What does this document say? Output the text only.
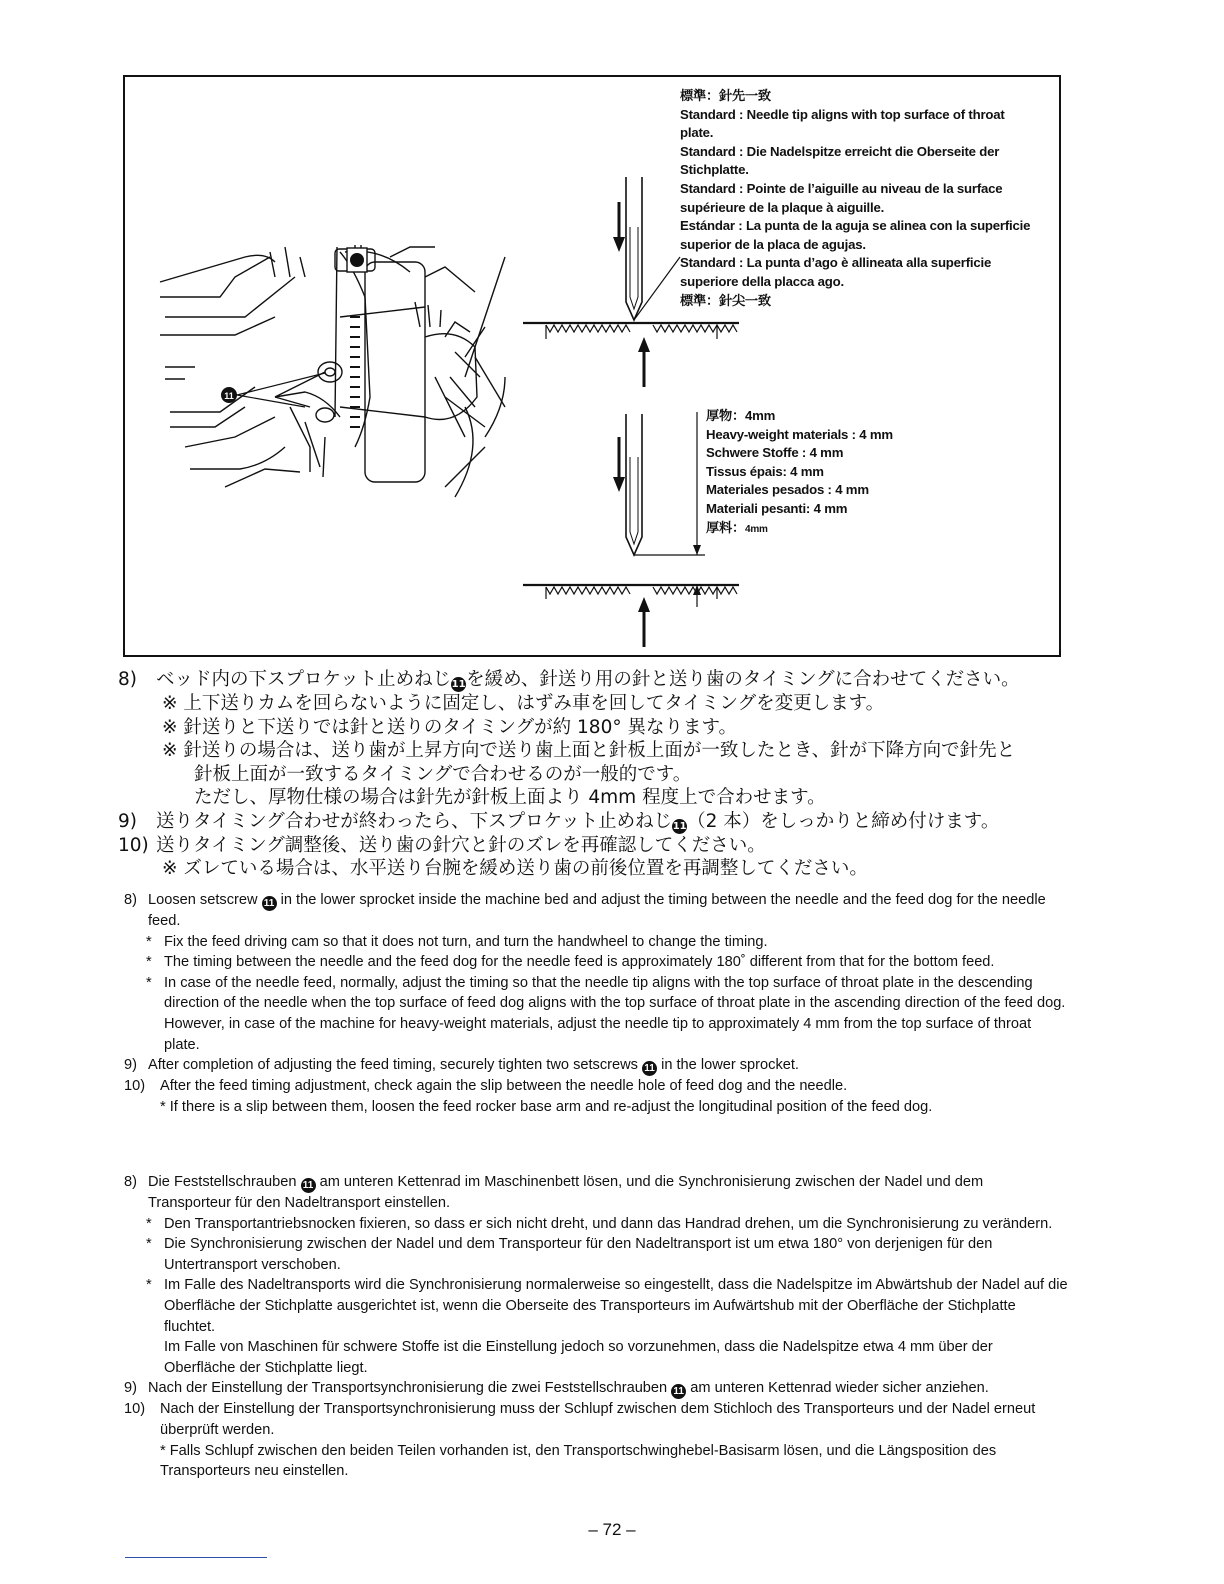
11
標準：針先一致
Standard : Needle tip aligns with top surface of throat
plate.
Standard : Die Nadelspitze erreicht die Oberseite der
Stichplatte.
Standard : Pointe de l’aiguille au niveau de la surface
supérieure de la plaque à aiguille.
Estándar : La punta de la aguja se alinea con la superficie
superior de la placa de agujas.
Standard : La punta d’ago è allineata alla superficie
superiore della placca ago.
標準：針尖一致
厚物：4mm
Heavy-weight materials : 4 mm
Schwere Stoffe : 4 mm
Tissus épais: 4 mm
Materiales pesados : 4 mm
Materiali pesanti: 4 mm
厚料：4mm
8)	ベッド内の下スプロケット止めねじ11を緩め、針送り用の針と送り歯のタイミングに合わせてください。
※ 上下送りカムを回らないように固定し、はずみ車を回してタイミングを変更します。
※ 針送りと下送りでは針と送りのタイミングが約 180° 異なります。
※ 針送りの場合は、送り歯が上昇方向で送り歯上面と針板上面が一致したとき、針が下降方向で針先と
針板上面が一致するタイミングで合わせるのが一般的です。
ただし、厚物仕様の場合は針先が針板上面より 4mm 程度上で合わせます。
9)	送りタイミング合わせが終わったら、下スプロケット止めねじ11（2 本）をしっかりと締め付けます。
10) 送りタイミング調整後、送り歯の針穴と針のズレを再確認してください。
※ ズレている場合は、水平送り台腕を緩め送り歯の前後位置を再調整してください。
8) Loosen setscrew 11 in the lower sprocket inside the machine bed and adjust the timing between the needle and the feed dog for the needle feed.
* Fix the feed driving cam so that it does not turn, and turn the handwheel to change the timing.
* The timing between the needle and the feed dog for the needle feed is approximately 180˚ different from that for the bottom feed.
* In case of the needle feed, normally, adjust the timing so that the needle tip aligns with the top surface of throat plate in the descending direction of the needle when the top surface of feed dog aligns with the top surface of throat plate in the ascending direction of the feed dog.
However, in case of the machine for heavy-weight materials, adjust the needle tip to approximately 4 mm from the top surface of throat plate.
9) After completion of adjusting the feed timing, securely tighten two setscrews 11 in the lower sprocket.
10)	After the feed timing adjustment, check again the slip between the needle hole of feed dog and the needle.
* If there is a slip between them, loosen the feed rocker base arm and re-adjust the longitudinal position of the feed dog.
8) Die Feststellschrauben 11 am unteren Kettenrad im Maschinenbett lösen, und die Synchronisierung zwischen der Nadel und dem Transporteur für den Nadeltransport einstellen.
* Den Transportantriebsnocken fixieren, so dass er sich nicht dreht, und dann das Handrad drehen, um die Synchronisierung zu verändern.
* Die Synchronisierung zwischen der Nadel und dem Transporteur für den Nadeltransport ist um etwa 180° von derjenigen für den Untertransport verschoben.
* Im Falle des Nadeltransports wird die Synchronisierung normalerweise so eingestellt, dass die Nadelspitze im Abwärtshub der Nadel auf die Oberfläche der Stichplatte ausgerichtet ist, wenn die Oberseite des Transporteurs im Aufwärtshub mit der Oberfläche der Stichplatte fluchtet.
Im Falle von Maschinen für schwere Stoffe ist die Einstellung jedoch so vorzunehmen, dass die Nadelspitze etwa 4 mm über der Oberfläche der Stichplatte liegt.
9) Nach der Einstellung der Transportsynchronisierung die zwei Feststellschrauben 11 am unteren Kettenrad wieder sicher anziehen.
10)	Nach der Einstellung der Transportsynchronisierung muss der Schlupf zwischen dem Stichloch des Transporteurs und der Nadel erneut überprüft werden.
* Falls Schlupf zwischen den beiden Teilen vorhanden ist, den Transportschwinghebel-Basisarm lösen, und die Längsposition des Transporteurs neu einstellen.
– 72 –
